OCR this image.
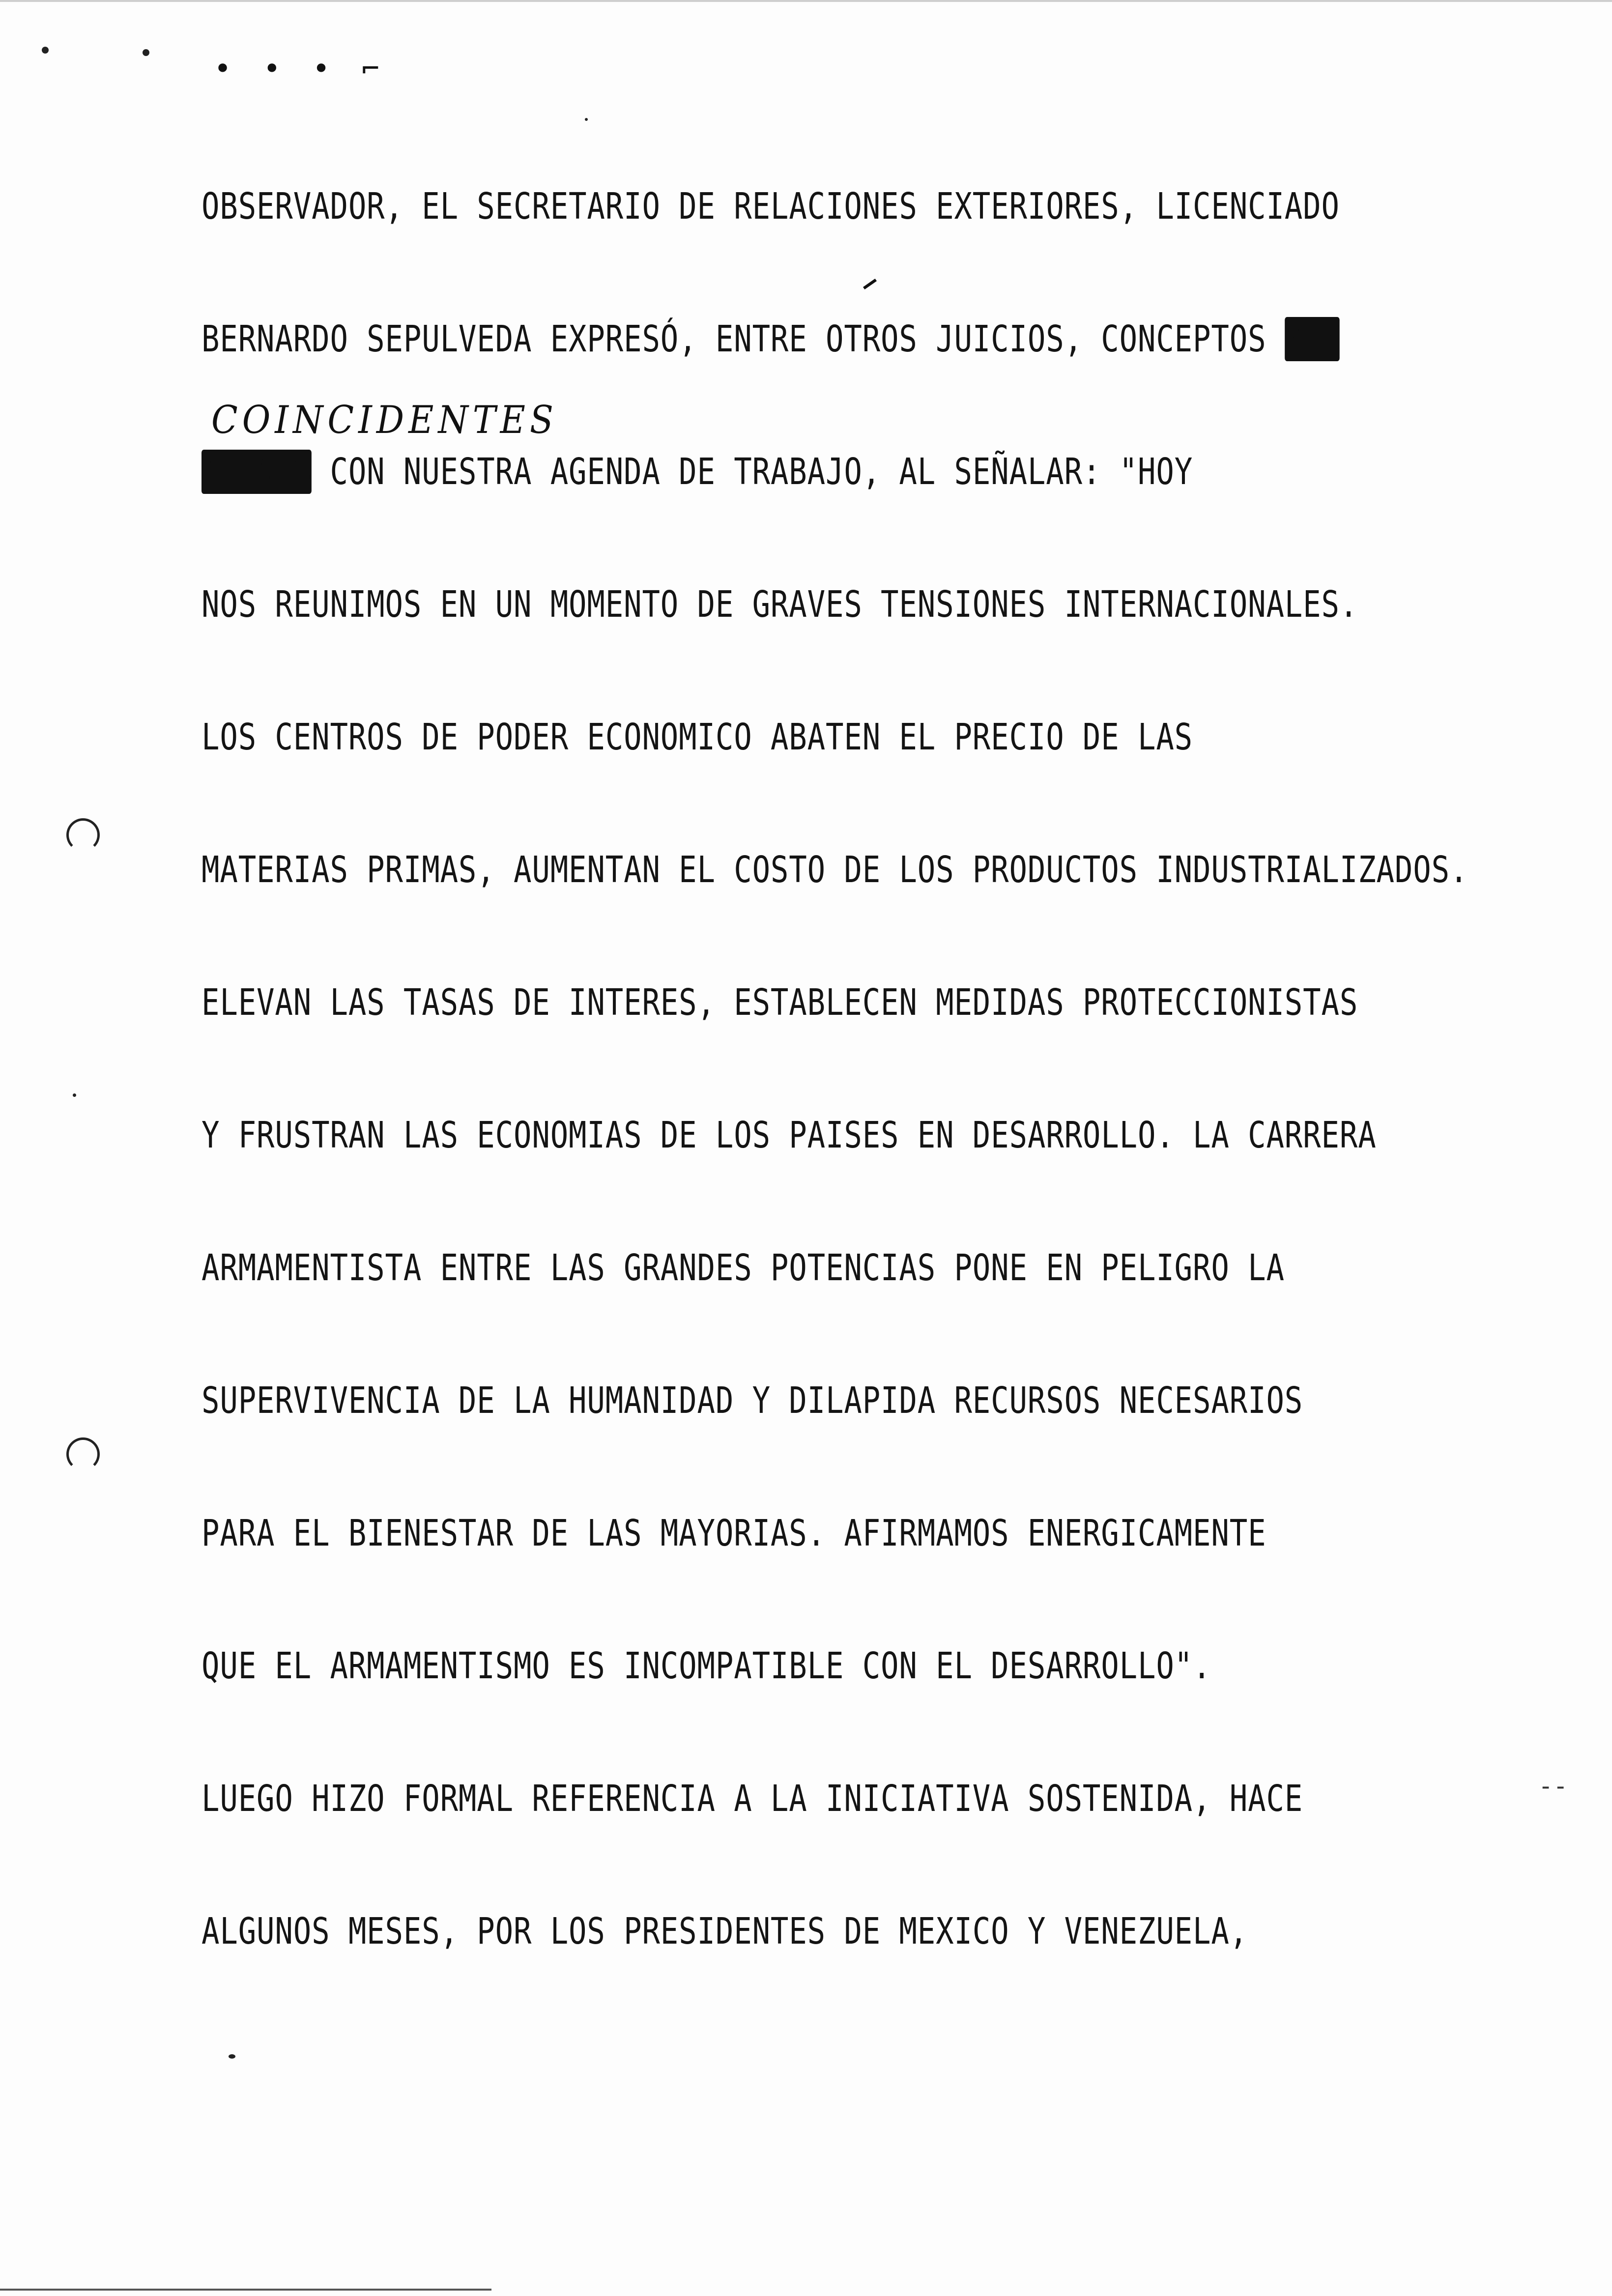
• • • ⌐
OBSERVADOR, EL SECRETARIO DE RELACIONES EXTERIORES, LICENCIADO
BERNARDO SEPULVEDA EXPRESÓ, ENTRE OTROS JUICIOS, CONCEPTOS MUY
COINCIDENTES
AFINES CON NUESTRA AGENDA DE TRABAJO, AL SEÑALAR: "HOY
NOS REUNIMOS EN UN MOMENTO DE GRAVES TENSIONES INTERNACIONALES.
LOS CENTROS DE PODER ECONOMICO ABATEN EL PRECIO DE LAS
MATERIAS PRIMAS, AUMENTAN EL COSTO DE LOS PRODUCTOS INDUSTRIALIZADOS.
ELEVAN LAS TASAS DE INTERES, ESTABLECEN MEDIDAS PROTECCIONISTAS
Y FRUSTRAN LAS ECONOMIAS DE LOS PAISES EN DESARROLLO. LA CARRERA
ARMAMENTISTA ENTRE LAS GRANDES POTENCIAS PONE EN PELIGRO LA
SUPERVIVENCIA DE LA HUMANIDAD Y DILAPIDA RECURSOS NECESARIOS
PARA EL BIENESTAR DE LAS MAYORIAS. AFIRMAMOS ENERGICAMENTE
QUE EL ARMAMENTISMO ES INCOMPATIBLE CON EL DESARROLLO".
LUEGO HIZO FORMAL REFERENCIA A LA INICIATIVA SOSTENIDA, HACE
ALGUNOS MESES, POR LOS PRESIDENTES DE MEXICO Y VENEZUELA,
--
